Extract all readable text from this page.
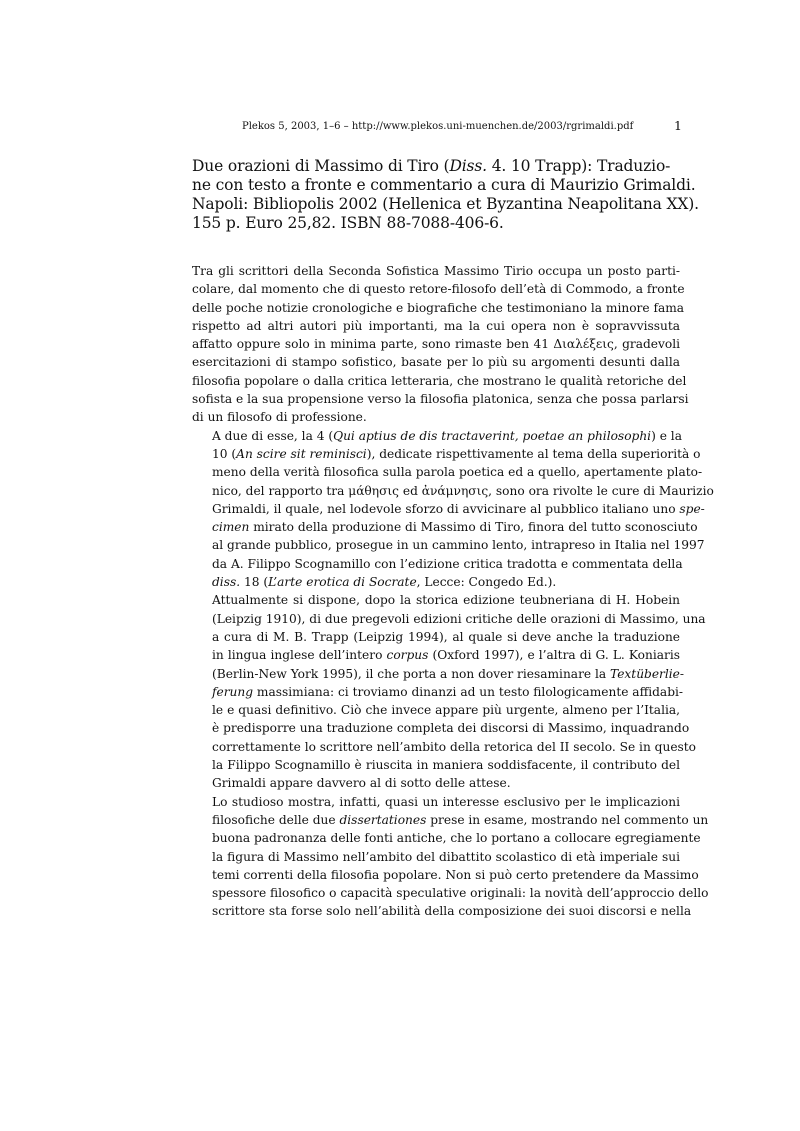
Plekos 5, 2003, 1–6 – http://www.plekos.uni-muenchen.de/2003/rgrimaldi.pdf	1

Due orazioni di Massimo di Tiro (Diss. 4. 10 Trapp): Traduzio-

ne con testo a fronte e commentario a cura di Maurizio Grimaldi.

Napoli: Bibliopolis 2002 (Hellenica et Byzantina Neapolitana XX).

155 p. Euro 25,82. ISBN 88-7088-406-6.

Tra gli scrittori della Seconda Sofistica Massimo Tirio occupa un posto parti-
colare, dal momento che di questo retore-filosofo dell’età di Commodo, a fronte
delle poche notizie cronologiche e biografiche che testimoniano la minore fama
rispetto ad altri autori più importanti, ma la cui opera non è sopravvissuta
affatto oppure solo in minima parte, sono rimaste ben 41 Διαλέξεις, gradevoli
esercitazioni di stampo sofistico, basate per lo più su argomenti desunti dalla
filosofia popolare o dalla critica letteraria, che mostrano le qualità retoriche del
sofista e la sua propensione verso la filosofia platonica, senza che possa parlarsi
di un filosofo di professione.

A due di esse, la 4 (Qui aptius de dis tractaverint, poetae an philosophi) e la
10 (An scire sit reminisci), dedicate rispettivamente al tema della superiorità o
meno della verità filosofica sulla parola poetica ed a quello, apertamente plato-
nico, del rapporto tra μάθησις ed ἀνάμνησις, sono ora rivolte le cure di Maurizio
Grimaldi, il quale, nel lodevole sforzo di avvicinare al pubblico italiano uno spe-
cimen mirato della produzione di Massimo di Tiro, finora del tutto sconosciuto
al grande pubblico, prosegue in un cammino lento, intrapreso in Italia nel 1997
da A. Filippo Scognamillo con l’edizione critica tradotta e commentata della
diss. 18 (L’arte erotica di Socrate, Lecce: Congedo Ed.).

Attualmente si dispone, dopo la storica edizione teubneriana di H. Hobein
(Leipzig 1910), di due pregevoli edizioni critiche delle orazioni di Massimo, una
a cura di M. B. Trapp (Leipzig 1994), al quale si deve anche la traduzione
in lingua inglese dell’intero corpus (Oxford 1997), e l’altra di G. L. Koniaris
(Berlin-New York 1995), il che porta a non dover riesaminare la Textüberlie-
ferung massimiana: ci troviamo dinanzi ad un testo filologicamente affidabi-
le e quasi definitivo. Ciò che invece appare più urgente, almeno per l’Italia,
è predisporre una traduzione completa dei discorsi di Massimo, inquadrando
correttamente lo scrittore nell’ambito della retorica del II secolo. Se in questo
la Filippo Scognamillo è riuscita in maniera soddisfacente, il contributo del
Grimaldi appare davvero al di sotto delle attese.

Lo studioso mostra, infatti, quasi un interesse esclusivo per le implicazioni
filosofiche delle due dissertationes prese in esame, mostrando nel commento un
buona padronanza delle fonti antiche, che lo portano a collocare egregiamente
la figura di Massimo nell’ambito del dibattito scolastico di età imperiale sui
temi correnti della filosofia popolare. Non si può certo pretendere da Massimo
spessore filosofico o capacità speculative originali: la novità dell’approccio dello
scrittore sta forse solo nell’abilità della composizione dei suoi discorsi e nella
